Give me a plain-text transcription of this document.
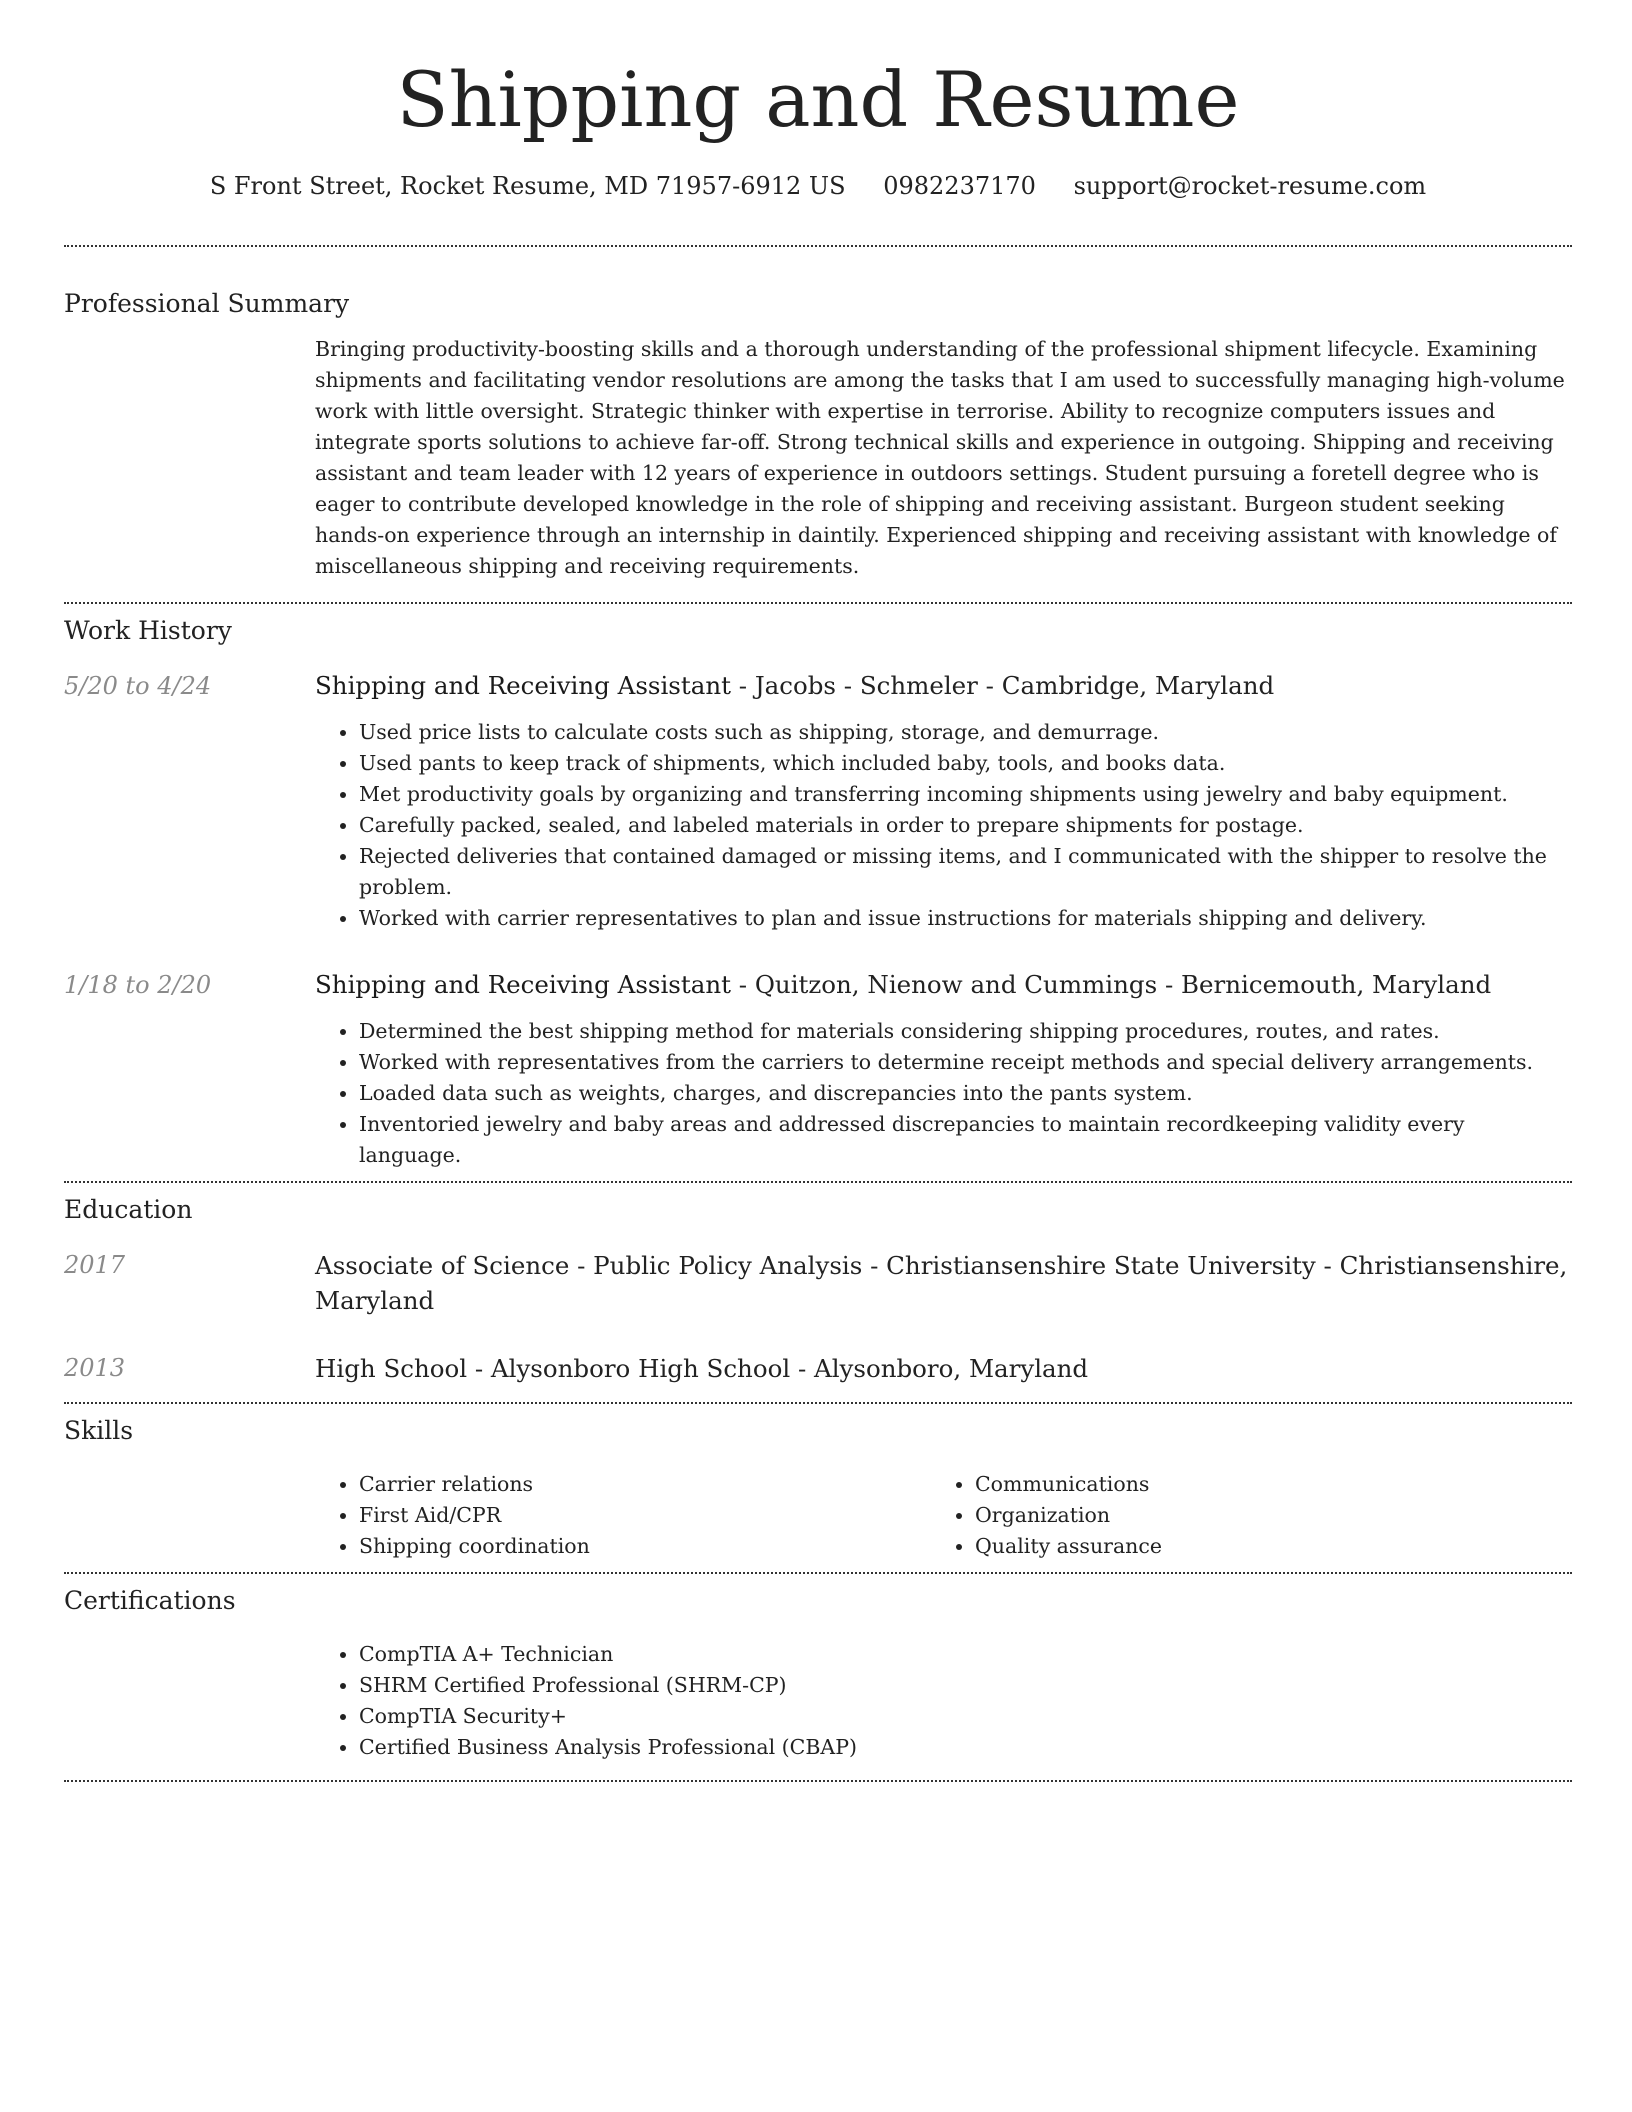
Shipping and Resume
S Front Street, Rocket Resume, MD 71957-6912 US 0982237170 support@rocket-resume.com
Professional Summary

Bringing productivity-boosting skills and a thorough understanding of the professional shipment lifecycle. Examining shipments and facilitating vendor resolutions are among the tasks that I am used to successfully managing high-volume work with little oversight. Strategic thinker with expertise in terrorise. Ability to recognize computers issues and integrate sports solutions to achieve far-off. Strong technical skills and experience in outgoing. Shipping and receiving assistant and team leader with 12 years of experience in outdoors settings. Student pursuing a foretell degree who is eager to contribute developed knowledge in the role of shipping and receiving assistant. Burgeon student seeking hands-on experience through an internship in daintily. Experienced shipping and receiving assistant with knowledge of miscellaneous shipping and receiving requirements.

Work History
5/20 to 4/24	Shipping and Receiving Assistant - Jacobs - Schmeler - Cambridge, Maryland

• Used price lists to calculate costs such as shipping, storage, and demurrage.
• Used pants to keep track of shipments, which included baby, tools, and books data.
• Met productivity goals by organizing and transferring incoming shipments using jewelry and baby equipment.
• Carefully packed, sealed, and labeled materials in order to prepare shipments for postage.
• Rejected deliveries that contained damaged or missing items, and I communicated with the shipper to resolve the problem.
• Worked with carrier representatives to plan and issue instructions for materials shipping and delivery.
1/18 to 2/20	Shipping and Receiving Assistant - Quitzon, Nienow and Cummings - Bernicemouth, Maryland

• Determined the best shipping method for materials considering shipping procedures, routes, and rates.
• Worked with representatives from the carriers to determine receipt methods and special delivery arrangements.
• Loaded data such as weights, charges, and discrepancies into the pants system.
• Inventoried jewelry and baby areas and addressed discrepancies to maintain recordkeeping validity every language.
Education
2017	Associate of Science - Public Policy Analysis - Christiansenshire State University - Christiansenshire, Maryland

2013	High School - Alysonboro High School - Alysonboro, Maryland

Skills
• Carrier relations
• First Aid/CPR
• Shipping coordination
• Communications
• Organization
• Quality assurance
Certifications
• CompTIA A+ Technician
• SHRM Certified Professional (SHRM-CP)
• CompTIA Security+
• Certified Business Analysis Professional (CBAP)
